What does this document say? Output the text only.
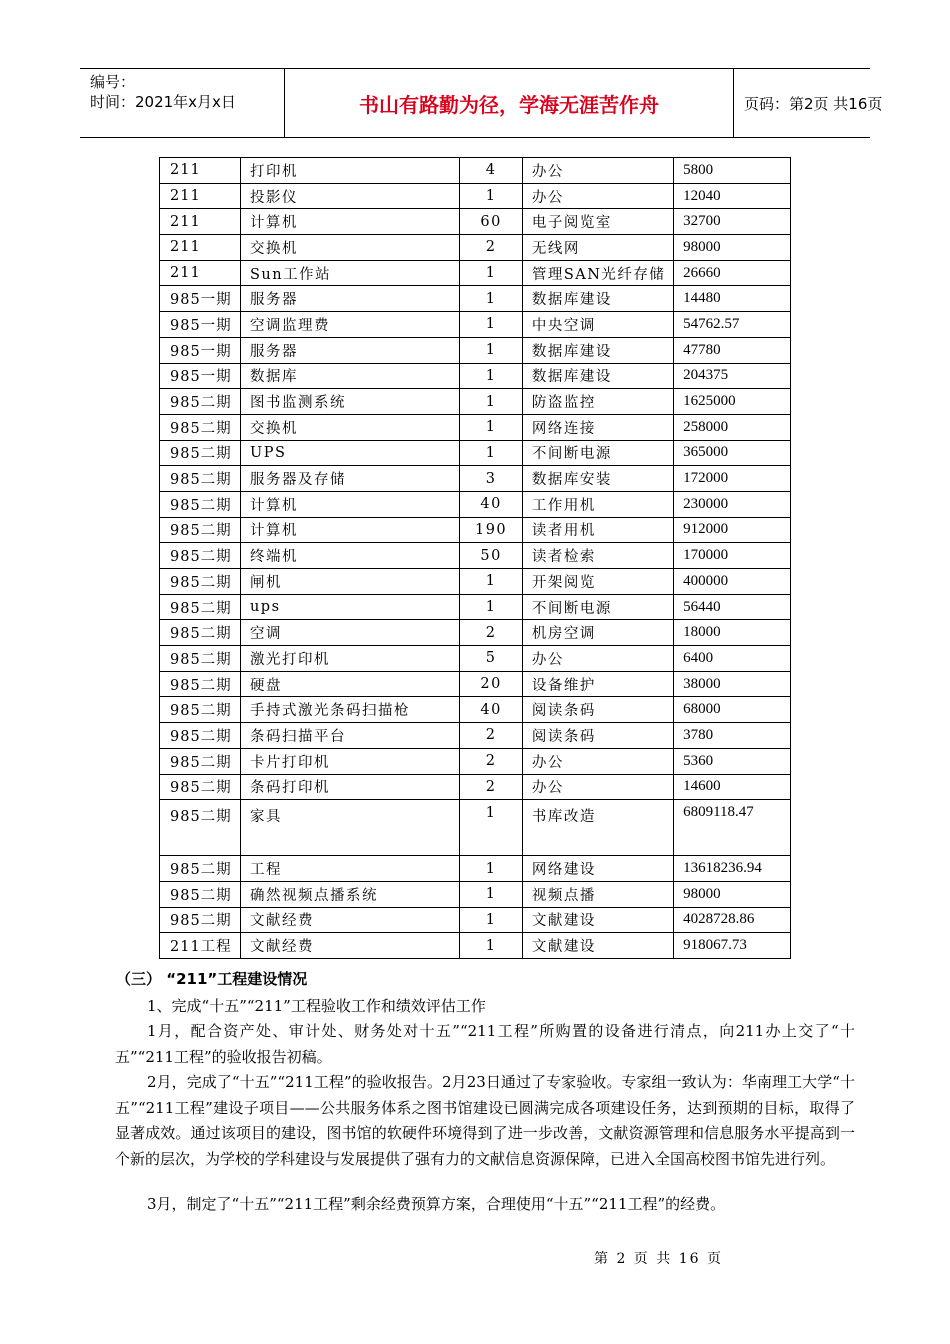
编号：
时间：2021年x月x日	书山有路勤为径，学海无涯苦作舟	页码：第2页 共16页
211	打印机	4	办公	5800
211	投影仪	1	办公	12040
211	计算机	60	电子阅览室	32700
211	交换机	2	无线网	98000
211	Sun工作站	1	管理SAN光纤存储	26660
985一期	服务器	1	数据库建设	14480
985一期	空调监理费	1	中央空调	54762.57
985一期	服务器	1	数据库建设	47780
985一期	数据库	1	数据库建设	204375
985二期	图书监测系统	1	防盗监控	1625000
985二期	交换机	1	网络连接	258000
985二期	UPS	1	不间断电源	365000
985二期	服务器及存储	3	数据库安装	172000
985二期	计算机	40	工作用机	230000
985二期	计算机	190	读者用机	912000
985二期	终端机	50	读者检索	170000
985二期	闸机	1	开架阅览	400000
985二期	ups	1	不间断电源	56440
985二期	空调	2	机房空调	18000
985二期	激光打印机	5	办公	6400
985二期	硬盘	20	设备维护	38000
985二期	手持式激光条码扫描枪	40	阅读条码	68000
985二期	条码扫描平台	2	阅读条码	3780
985二期	卡片打印机	2	办公	5360
985二期	条码打印机	2	办公	14600
985二期	家具	1	书库改造	6809118.47
985二期	工程	1	网络建设	13618236.94
985二期	确然视频点播系统	1	视频点播	98000
985二期	文献经费	1	文献建设	4028728.86
211工程	文献经费	1	文献建设	918067.73
（三） “211”工程建设情况
1、完成“十五”“211”工程验收工作和绩效评估工作
1月，配合资产处、审计处、财务处对十五”“211工程”所购置的设备进行清点，向211办上交了“十五”“211工程”的验收报告初稿。
2月，完成了“十五”“211工程”的验收报告。2月23日通过了专家验收。专家组一致认为：华南理工大学“十五”“211工程”建设子项目——公共服务体系之图书馆建设已圆满完成各项建设任务，达到预期的目标，取得了显著成效。通过该项目的建设，图书馆的软硬件环境得到了进一步改善，文献资源管理和信息服务水平提高到一个新的层次，为学校的学科建设与发展提供了强有力的文献信息资源保障，已进入全国高校图书馆先进行列。
3月，制定了“十五”“211工程”剩余经费预算方案，合理使用“十五”“211工程”的经费。
第 2 页 共 16 页
